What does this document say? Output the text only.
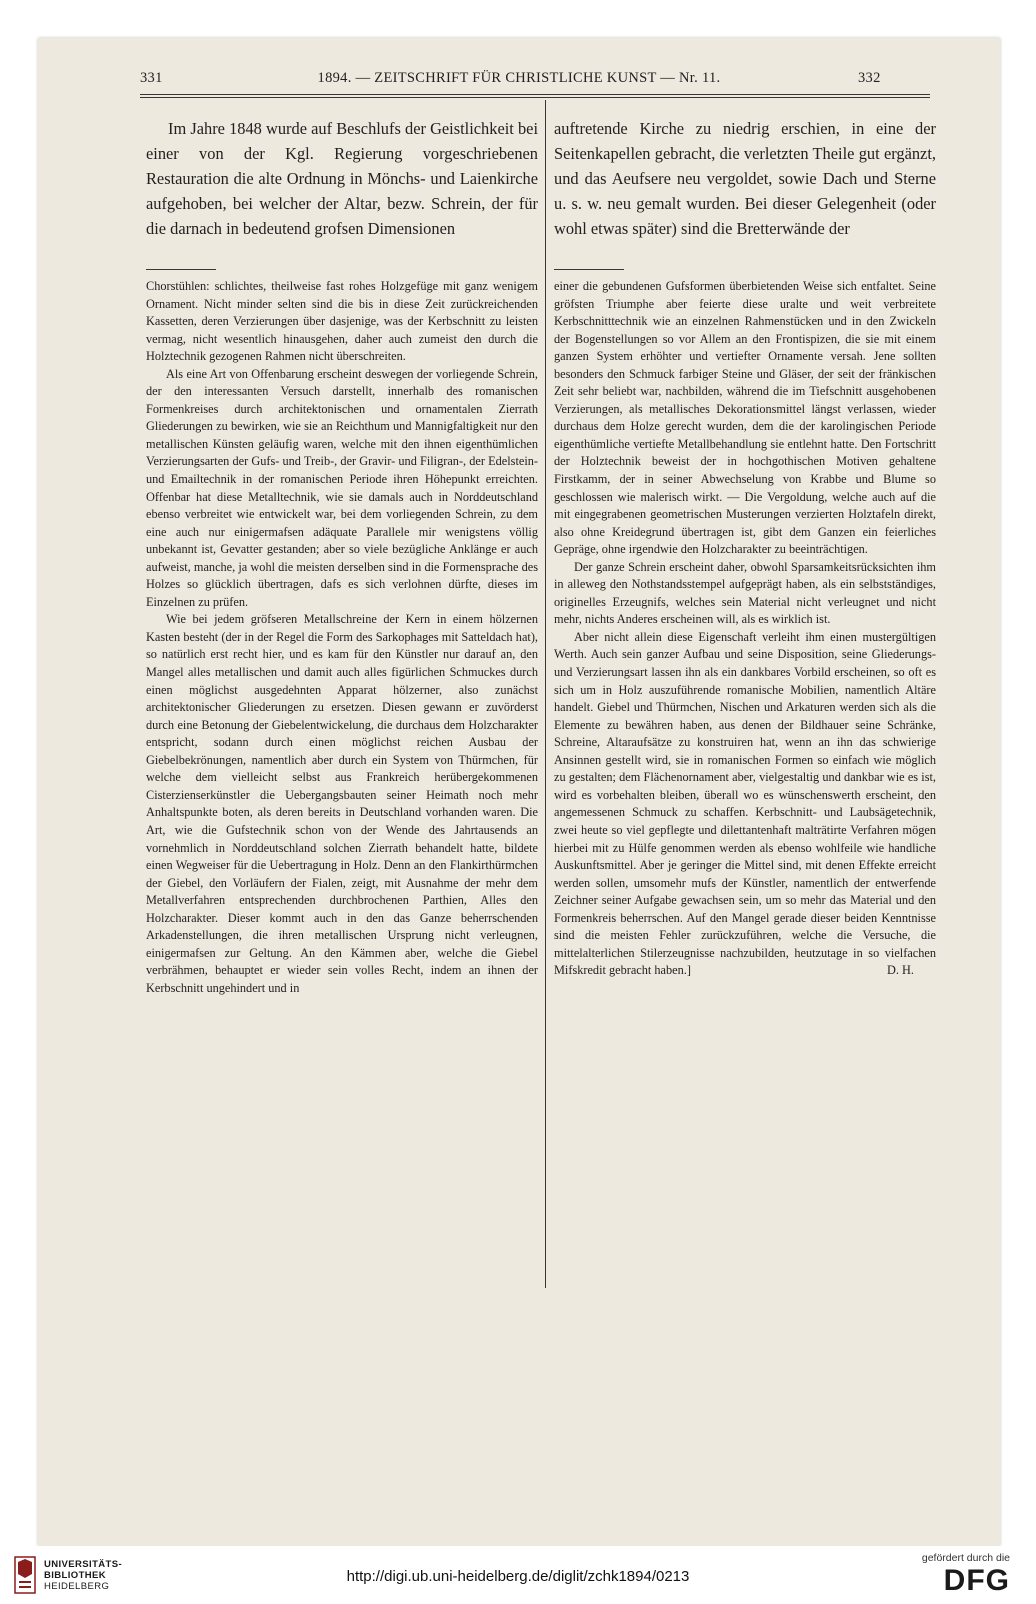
331	1894. — ZEITSCHRIFT FÜR CHRISTLICHE KUNST — Nr. 11.	332

Im Jahre 1848 wurde auf Beschlufs der Geistlichkeit bei einer von der Kgl. Regierung vorgeschriebenen Restauration die alte Ordnung in Mönchs- und Laienkirche aufgehoben, bei welcher der Altar, bezw. Schrein, der für die darnach in bedeutend grofsen Dimensionen

auftretende Kirche zu niedrig erschien, in eine der Seitenkapellen gebracht, die verletzten Theile gut ergänzt, und das Aeufsere neu vergoldet, sowie Dach und Sterne u. s. w. neu gemalt wurden. Bei dieser Gelegenheit (oder wohl etwas später) sind die Bretterwände der

Chorstühlen: schlichtes, theilweise fast rohes Holzgefüge mit ganz wenigem Ornament. Nicht minder selten sind die bis in diese Zeit zurückreichenden Kassetten, deren Verzierungen über dasjenige, was der Kerbschnitt zu leisten vermag, nicht wesentlich hinausgehen, daher auch zumeist den durch die Holztechnik gezogenen Rahmen nicht überschreiten.

Als eine Art von Offenbarung erscheint deswegen der vorliegende Schrein, der den interessanten Versuch darstellt, innerhalb des romanischen Formenkreises durch architektonischen und ornamentalen Zierrath Gliederungen zu bewirken, wie sie an Reichthum und Mannigfaltigkeit nur den metallischen Künsten geläufig waren, welche mit den ihnen eigenthümlichen Verzierungsarten der Gufs- und Treib-, der Gravir- und Filigran-, der Edelstein- und Emailtechnik in der romanischen Periode ihren Höhepunkt erreichten. Offenbar hat diese Metalltechnik, wie sie damals auch in Norddeutschland ebenso verbreitet wie entwickelt war, bei dem vorliegenden Schrein, zu dem eine auch nur einigermafsen adäquate Parallele mir wenigstens völlig unbekannt ist, Gevatter gestanden; aber so viele bezügliche Anklänge er auch aufweist, manche, ja wohl die meisten derselben sind in die Formensprache des Holzes so glücklich übertragen, dafs es sich verlohnen dürfte, dieses im Einzelnen zu prüfen.

Wie bei jedem gröfseren Metallschreine der Kern in einem hölzernen Kasten besteht (der in der Regel die Form des Sarkophages mit Satteldach hat), so natürlich erst recht hier, und es kam für den Künstler nur darauf an, den Mangel alles metallischen und damit auch alles figürlichen Schmuckes durch einen möglichst ausgedehnten Apparat hölzerner, also zunächst architektonischer Gliederungen zu ersetzen. Diesen gewann er zuvörderst durch eine Betonung der Giebelentwickelung, die durchaus dem Holzcharakter entspricht, sodann durch einen möglichst reichen Ausbau der Giebelbekrönungen, namentlich aber durch ein System von Thürmchen, für welche dem vielleicht selbst aus Frankreich herübergekommenen Cisterzienserkünstler die Uebergangsbauten seiner Heimath noch mehr Anhaltspunkte boten, als deren bereits in Deutschland vorhanden waren. Die Art, wie die Gufstechnik schon von der Wende des Jahrtausends an vornehmlich in Norddeutschland solchen Zierrath behandelt hatte, bildete einen Wegweiser für die Uebertragung in Holz. Denn an den Flankirthürmchen der Giebel, den Vorläufern der Fialen, zeigt, mit Ausnahme der mehr dem Metallverfahren entsprechenden durchbrochenen Parthien, Alles den Holzcharakter. Dieser kommt auch in den das Ganze beherrschenden Arkadenstellungen, die ihren metallischen Ursprung nicht verleugnen, einigermafsen zur Geltung. An den Kämmen aber, welche die Giebel verbrähmen, behauptet er wieder sein volles Recht, indem an ihnen der Kerbschnitt ungehindert und in

einer die gebundenen Gufsformen überbietenden Weise sich entfaltet. Seine gröfsten Triumphe aber feierte diese uralte und weit verbreitete Kerbschnitttechnik wie an einzelnen Rahmenstücken und in den Zwickeln der Bogenstellungen so vor Allem an den Frontispizen, die sie mit einem ganzen System erhöhter und vertiefter Ornamente versah. Jene sollten besonders den Schmuck farbiger Steine und Gläser, der seit der fränkischen Zeit sehr beliebt war, nachbilden, während die im Tiefschnitt ausgehobenen Verzierungen, als metallisches Dekorationsmittel längst verlassen, wieder durchaus dem Holze gerecht wurden, dem die der karolingischen Periode eigenthümliche vertiefte Metallbehandlung sie entlehnt hatte. Den Fortschritt der Holztechnik beweist der in hochgothischen Motiven gehaltene Firstkamm, der in seiner Abwechselung von Krabbe und Blume so geschlossen wie malerisch wirkt. — Die Vergoldung, welche auch auf die mit eingegrabenen geometrischen Musterungen verzierten Holztafeln direkt, also ohne Kreidegrund übertragen ist, gibt dem Ganzen ein feierliches Gepräge, ohne irgendwie den Holzcharakter zu beeinträchtigen.

Der ganze Schrein erscheint daher, obwohl Sparsamkeitsrücksichten ihm in alleweg den Nothstandsstempel aufgeprägt haben, als ein selbstständiges, originelles Erzeugnifs, welches sein Material nicht verleugnet und nicht mehr, nichts Anderes erscheinen will, als es wirklich ist.

Aber nicht allein diese Eigenschaft verleiht ihm einen mustergültigen Werth. Auch sein ganzer Aufbau und seine Disposition, seine Gliederungs- und Verzierungsart lassen ihn als ein dankbares Vorbild erscheinen, so oft es sich um in Holz auszuführende romanische Mobilien, namentlich Altäre handelt. Giebel und Thürmchen, Nischen und Arkaturen werden sich als die Elemente zu bewähren haben, aus denen der Bildhauer seine Schränke, Schreine, Altaraufsätze zu konstruiren hat, wenn an ihn das schwierige Ansinnen gestellt wird, sie in romanischen Formen so einfach wie möglich zu gestalten; dem Flächenornament aber, vielgestaltig und dankbar wie es ist, wird es vorbehalten bleiben, überall wo es wünschenswerth erscheint, den angemessenen Schmuck zu schaffen. Kerbschnitt- und Laubsägetechnik, zwei heute so viel gepflegte und dilettantenhaft malträtirte Verfahren mögen hierbei mit zu Hülfe genommen werden als ebenso wohlfeile wie handliche Auskunftsmittel. Aber je geringer die Mittel sind, mit denen Effekte erreicht werden sollen, umsomehr mufs der Künstler, namentlich der entwerfende Zeichner seiner Aufgabe gewachsen sein, um so mehr das Material und den Formenkreis beherrschen. Auf den Mangel gerade dieser beiden Kenntnisse sind die meisten Fehler zurückzuführen, welche die Versuche, die mittelalterlichen Stilerzeugnisse nachzubilden, heutzutage in so vielfachen Mifskredit gebracht haben.]	D. H.

UNIVERSITÄTS-
BIBLIOTHEK
HEIDELBERG
http://digi.ub.uni-heidelberg.de/diglit/zchk1894/0213
gefördert durch die
DFG
